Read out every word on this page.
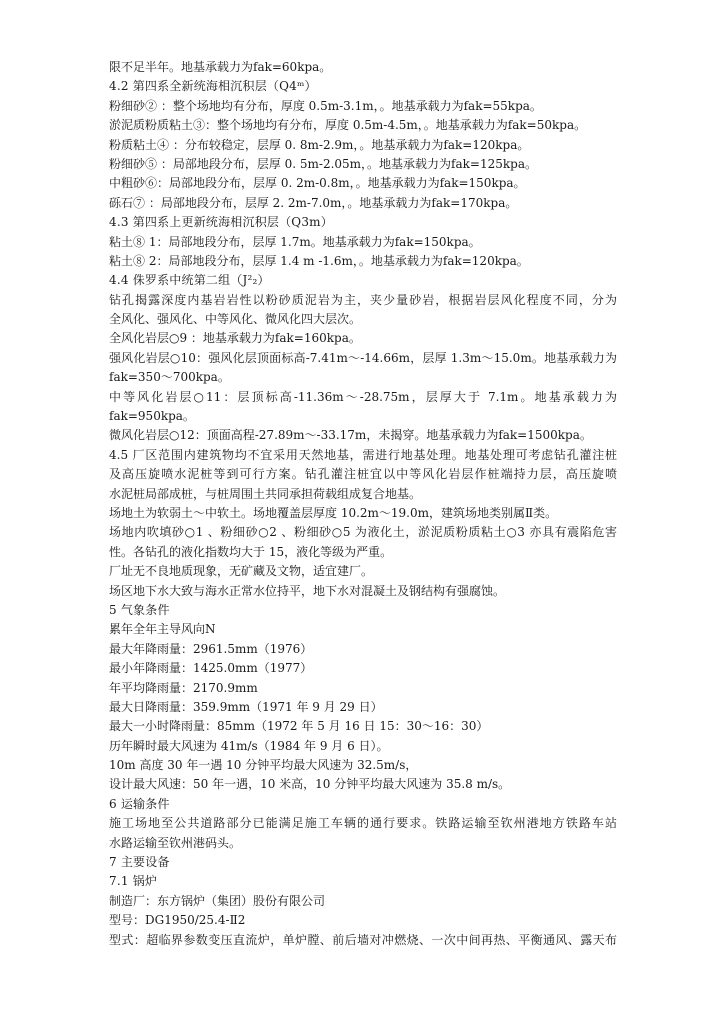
限不足半年。地基承载力为fak=60kpa。
4.2 第四系全新统海相沉积层（Q4ᵐ）
粉细砂② ：整个场地均有分布，厚度 0.5m-3.1m，。地基承载力为fak=55kpa。
淤泥质粉质粘土③：整个场地均有分布，厚度 0.5m-4.5m，。地基承载力为fak=50kpa。
粉质粘土④ ：分布较稳定，层厚 0. 8m-2.9m，。地基承载力为fak=120kpa。
粉细砂⑤ ：局部地段分布，层厚 0. 5m-2.05m，。地基承载力为fak=125kpa。
中粗砂⑥：局部地段分布，层厚 0. 2m-0.8m，。地基承载力为fak=150kpa。
砾石⑦ ：局部地段分布，层厚 2. 2m-7.0m，。地基承载力为fak=170kpa。
4.3 第四系上更新统海相沉积层（Q3m）
粘土⑧ 1：局部地段分布，层厚 1.7m。地基承载力为fak=150kpa。
粘土⑧ 2：局部地段分布，层厚 1.4 m -1.6m，。地基承载力为fak=120kpa。
4.4 侏罗系中统第二组（J²₂）
钻孔揭露深度内基岩岩性以粉砂质泥岩为主，夹少量砂岩，根据岩层风化程度不同，分为
全风化、强风化、中等风化、微风化四大层次。
全风化岩层○9 ：地基承载力为fak=160kpa。
强风化岩层○10：强风化层顶面标高-7.41m～-14.66m，层厚 1.3m～15.0m。地基承载力为
fak=350～700kpa。
中等风化岩层○11：层顶标高-11.36m～-28.75m，层厚大于 7.1m。地基承载力为
fak=950kpa。
微风化岩层○12：顶面高程-27.89m～-33.17m，未揭穿。地基承载力为fak=1500kpa。
4.5 厂区范围内建筑物均不宜采用天然地基，需进行地基处理。地基处理可考虑钻孔灌注桩
及高压旋喷水泥桩等到可行方案。钻孔灌注桩宜以中等风化岩层作桩端持力层，高压旋喷
水泥桩局部成桩，与桩周围土共同承担荷载组成复合地基。
场地土为软弱土～中软土。场地覆盖层厚度 10.2m～19.0m，建筑场地类别属Ⅱ类。
场地内吹填砂○1 、粉细砂○2 、粉细砂○5 为液化土，淤泥质粉质粘土○3 亦具有震陷危害
性。各钻孔的液化指数均大于 15，液化等级为严重。
厂址无不良地质现象，无矿藏及文物，适宜建厂。
场区地下水大致与海水正常水位持平，地下水对混凝土及钢结构有强腐蚀。
5 气象条件
累年全年主导风向N
最大年降雨量：2961.5mm（1976）
最小年降雨量：1425.0mm（1977）
年平均降雨量：2170.9mm
最大日降雨量：359.9mm（1971 年 9 月 29 日）
最大一小时降雨量：85mm（1972 年 5 月 16 日 15：30～16：30）
历年瞬时最大风速为 41m/s（1984 年 9 月 6 日）。
10m 高度 30 年一遇 10 分钟平均最大风速为 32.5m/s，
设计最大风速：50 年一遇，10 米高，10 分钟平均最大风速为 35.8 m/s。
6 运输条件
施工场地至公共道路部分已能满足施工车辆的通行要求。铁路运输至钦州港地方铁路车站
水路运输至钦州港码头。
7 主要设备
7.1 锅炉
制造厂：东方锅炉（集团）股份有限公司
型号：DG1950/25.4-Ⅱ2
型式：超临界参数变压直流炉，单炉膛、前后墙对冲燃烧、一次中间再热、平衡通风、露天布
